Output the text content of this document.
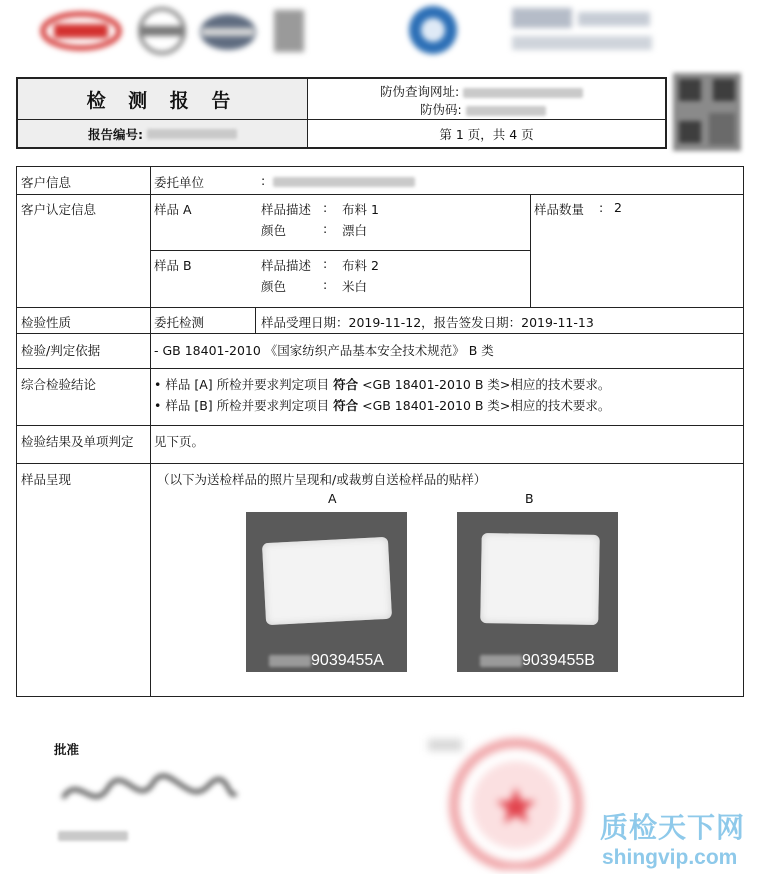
检 测 报 告	防伪查询网址:
防伪码:
报告编号:	第 1 页，共 4 页
客户信息	委托单位	:
客户认定信息	样品 A	样品描述 : 布料 1
颜色	: 漂白
样品 B	样品描述 : 布料 2
颜色	: 米白
样品数量 : 2
检验性质	委托检测	样品受理日期：2019-11-12，报告签发日期：2019-11-13
检验/判定依据	- GB 18401-2010 《国家纺织产品基本安全技术规范》 B 类
综合检验结论	• 样品 [A] 所检并要求判定项目 符合 <GB 18401-2010 B 类>相应的技术要求。
• 样品 [B] 所检并要求判定项目 符合 <GB 18401-2010 B 类>相应的技术要求。
检验结果及单项判定 见下页。
样品呈现	（以下为送检样品的照片呈现和/或裁剪自送检样品的贴样）
A	B
9039455A	9039455B
批准
质检天下网
shingvip.com
